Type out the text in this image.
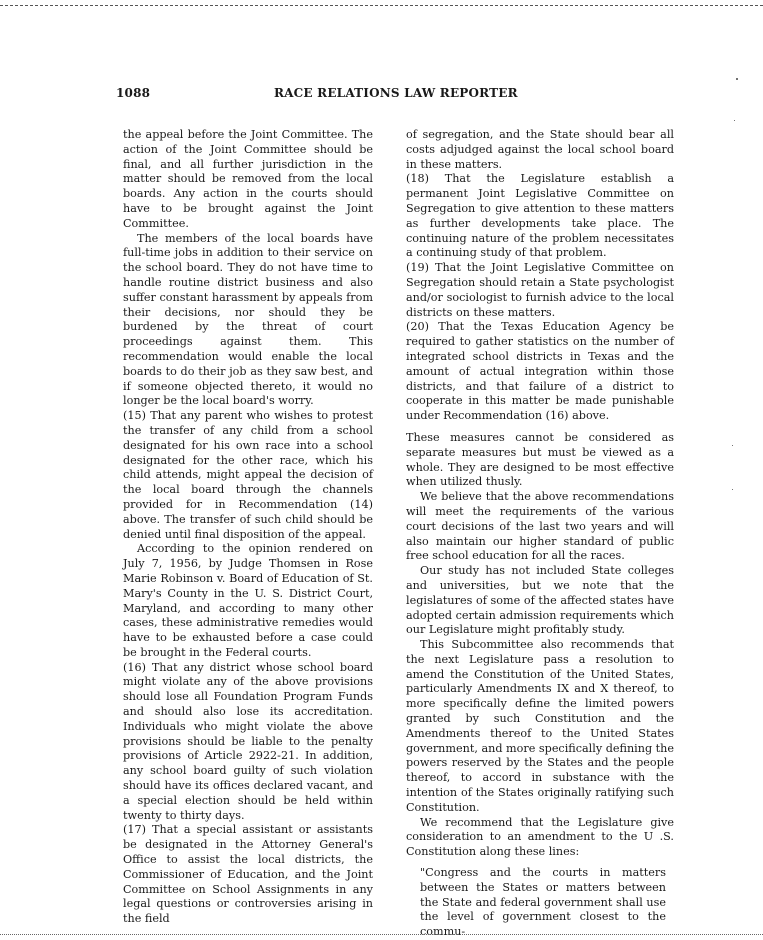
1088	RACE RELATIONS LAW REPORTER

the appeal before the Joint Committee. The action of the Joint Committee should be final, and all further jurisdiction in the matter should be removed from the local boards. Any action in the courts should have to be brought against the Joint Committee.

The members of the local boards have full-time jobs in addition to their service on the school board. They do not have time to handle routine district business and also suffer constant harassment by appeals from their decisions, nor should they be burdened by the threat of court proceedings against them. This recommendation would enable the local boards to do their job as they saw best, and if someone objected thereto, it would no longer be the local board's worry.

(15) That any parent who wishes to protest the transfer of any child from a school designated for his own race into a school designated for the other race, which his child attends, might appeal the decision of the local board through the channels provided for in Recommendation (14) above. The transfer of such child should be denied until final disposition of the appeal.

According to the opinion rendered on July 7, 1956, by Judge Thomsen in Rose Marie Robinson v. Board of Education of St. Mary's County in the U. S. District Court, Maryland, and according to many other cases, these administrative remedies would have to be exhausted before a case could be brought in the Federal courts.

(16) That any district whose school board might violate any of the above provisions should lose all Foundation Program Funds and should also lose its accreditation. Individuals who might violate the above provisions should be liable to the penalty provisions of Article 2922-21. In addition, any school board guilty of such violation should have its offices declared vacant, and a special election should be held within twenty to thirty days.

(17) That a special assistant or assistants be designated in the Attorney General's Office to assist the local districts, the Commissioner of Education, and the Joint Committee on School Assignments in any legal questions or controversies arising in the field

of segregation, and the State should bear all costs adjudged against the local school board in these matters.

(18) That the Legislature establish a permanent Joint Legislative Committee on Segregation to give attention to these matters as further developments take place. The continuing nature of the problem necessitates a continuing study of that problem.

(19) That the Joint Legislative Committee on Segregation should retain a State psychologist and/or sociologist to furnish advice to the local districts on these matters.

(20) That the Texas Education Agency be required to gather statistics on the number of integrated school districts in Texas and the amount of actual integration within those districts, and that failure of a district to cooperate in this matter be made punishable under Recommendation (16) above.

These measures cannot be considered as separate measures but must be viewed as a whole. They are designed to be most effective when utilized thusly.

We believe that the above recommendations will meet the requirements of the various court decisions of the last two years and will also maintain our higher standard of public free school education for all the races.

Our study has not included State colleges and universities, but we note that the legislatures of some of the affected states have adopted certain admission requirements which our Legislature might profitably study.

This Subcommittee also recommends that the next Legislature pass a resolution to amend the Constitution of the United States, particularly Amendments IX and X thereof, to more specifically define the limited powers granted by such Constitution and the Amendments thereof to the United States government, and more specifically defining the powers reserved by the States and the people thereof, to accord in substance with the intention of the States originally ratifying such Constitution.

We recommend that the Legislature give consideration to an amendment to the U .S. Constitution along these lines:

"Congress and the courts in matters between the States or matters between the State and federal government shall use the level of government closest to the commu-
